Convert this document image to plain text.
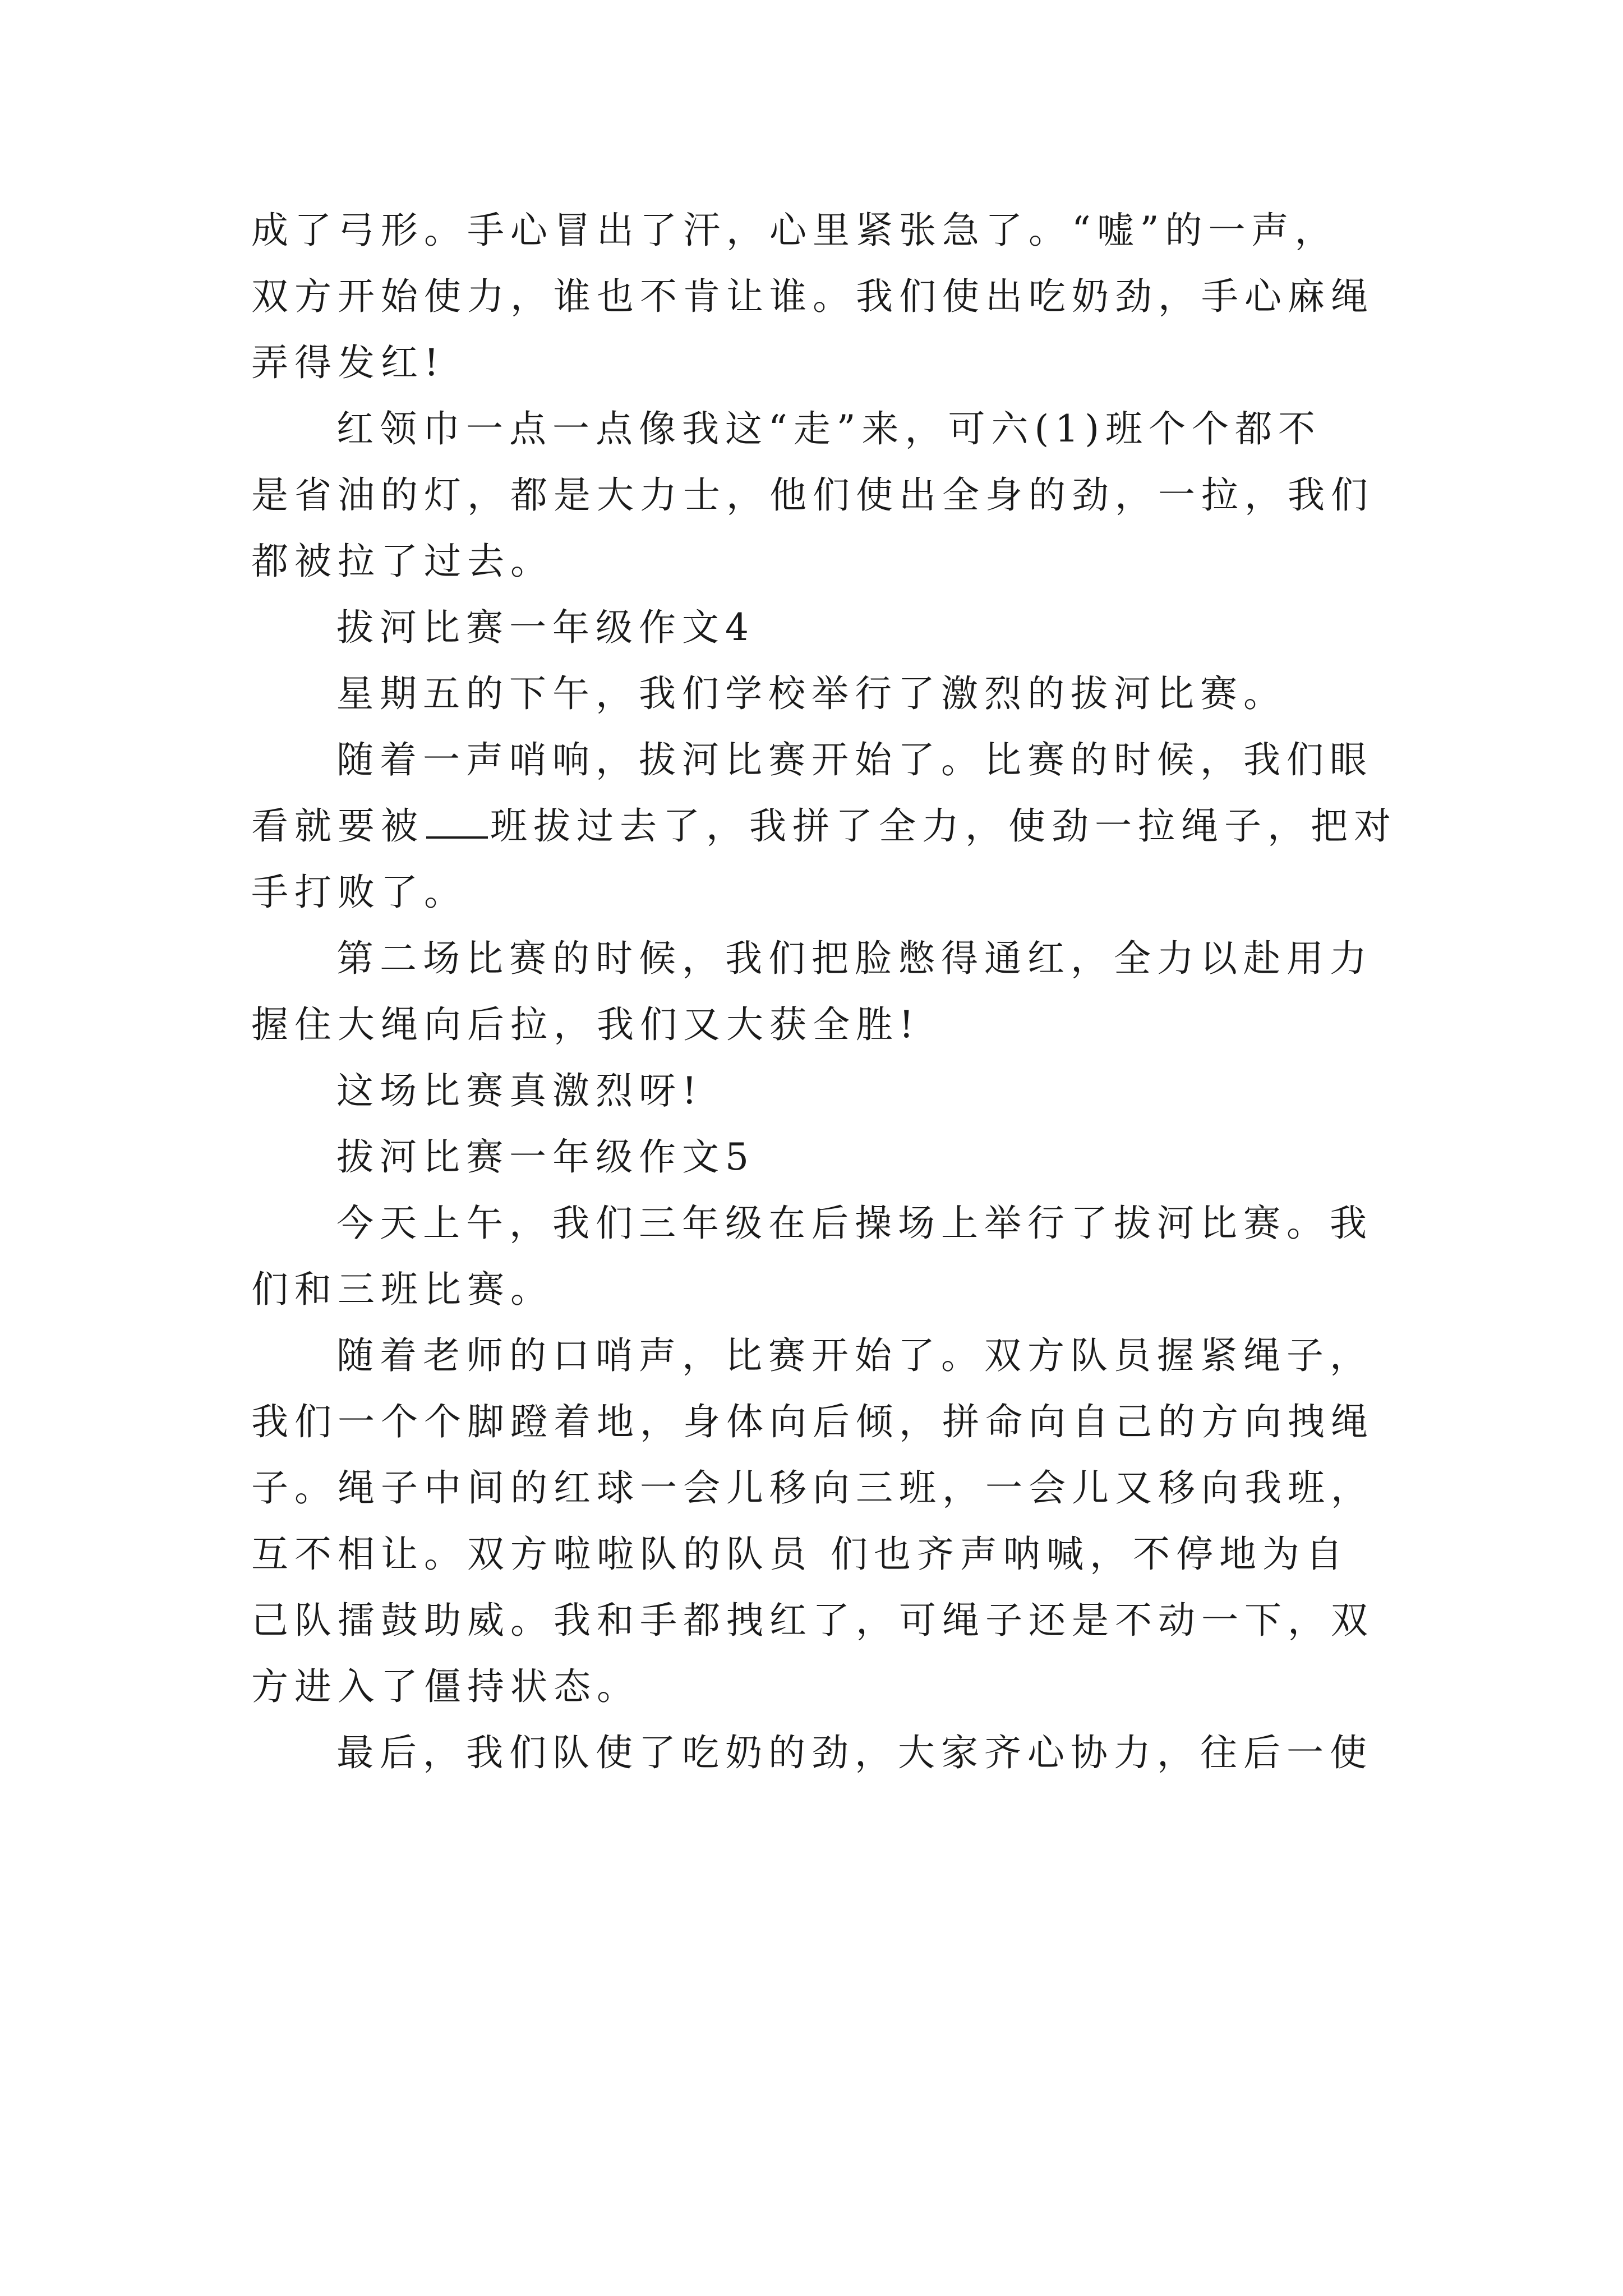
成了弓形。手心冒出了汗，心里紧张急了。“嘘”的一声，
双方开始使力，谁也不肯让谁。我们使出吃奶劲，手心麻绳
弄得发红!
红领巾一点一点像我这“走”来，可六(1)班个个都不
是省油的灯，都是大力士，他们使出全身的劲，一拉，我们
都被拉了过去。
拔河比赛一年级作文4
星期五的下午，我们学校举行了激烈的拔河比赛。
随着一声哨响，拔河比赛开始了。比赛的时候，我们眼
看就要被 班拔过去了，我拼了全力，使劲一拉绳子，把对
手打败了。
第二场比赛的时候，我们把脸憋得通红，全力以赴用力
握住大绳向后拉，我们又大获全胜!
这场比赛真激烈呀!
拔河比赛一年级作文5
今天上午，我们三年级在后操场上举行了拔河比赛。我
们和三班比赛。
随着老师的口哨声，比赛开始了。双方队员握紧绳子，
我们一个个脚蹬着地，身体向后倾，拼命向自己的方向拽绳
子。绳子中间的红球一会儿移向三班，一会儿又移向我班，
互不相让。双方啦啦队的队员 们也齐声呐喊，不停地为自
己队擂鼓助威。我和手都拽红了，可绳子还是不动一下，双
方进入了僵持状态。
最后，我们队使了吃奶的劲，大家齐心协力，往后一使
